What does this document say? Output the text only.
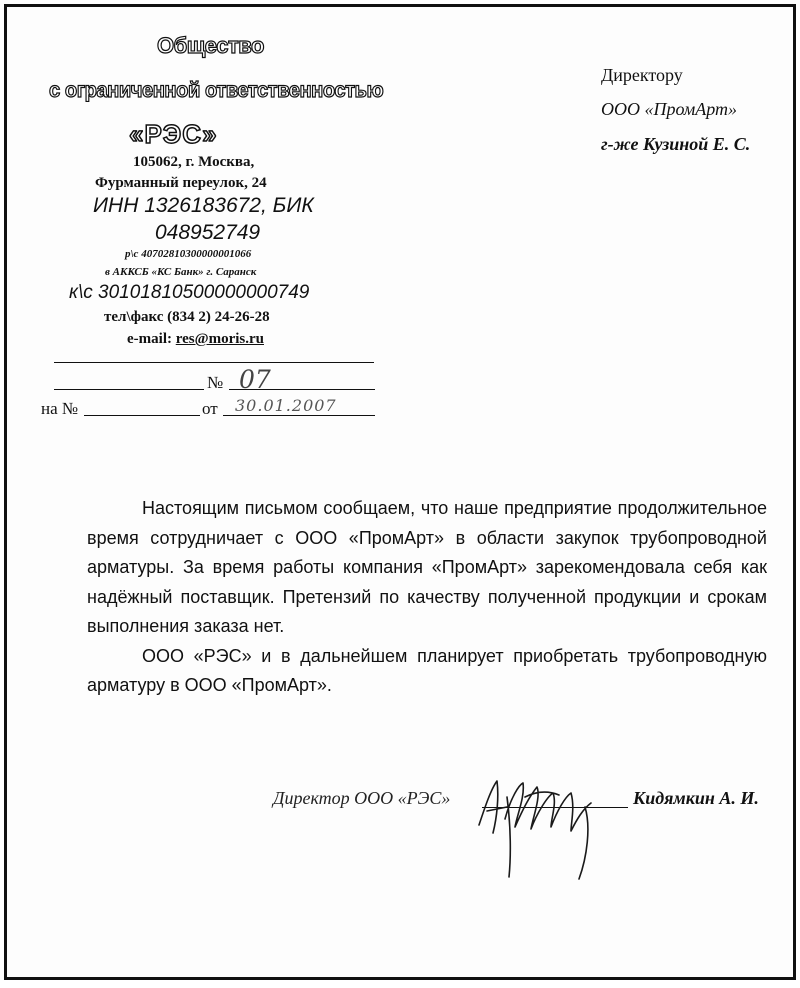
Общество
с ограниченной ответственностью
«РЭС»
105062, г. Москва,
Фурманный переулок, 24
ИНН 1326183672, БИК
048952749
р\с 40702810300000001066
в АККСБ «КС Банк» г. Саранск
к\с 30101810500000000749
тел\факс (834 2) 24-26-28
e-mail: res@moris.ru
№ 07
на №	от 30.01.2007
Директору
ООО «ПромАрт»
г-же Кузиной Е. С.

Настоящим письмом сообщаем, что наше предприятие продолжительное время сотрудничает с ООО «ПромАрт» в области закупок трубопроводной арматуры. За время работы компания «ПромАрт» зарекомендовала себя как надёжный поставщик. Претензий по качеству полученной продукции и срокам выполнения заказа нет.

ООО «РЭС» и в дальнейшем планирует приобретать трубопроводную арматуру в ООО «ПромАрт».

Директор ООО «РЭС»	Кидямкин А. И.
